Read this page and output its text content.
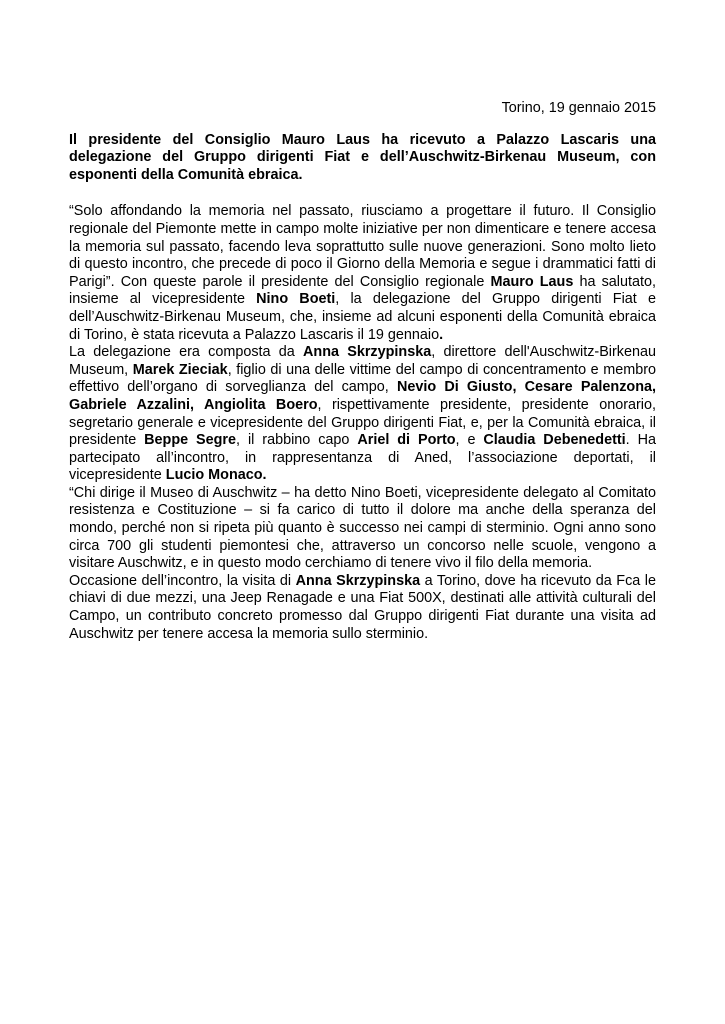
Torino, 19 gennaio 2015

Il presidente del Consiglio Mauro Laus ha ricevuto a Palazzo Lascaris una delegazione del Gruppo dirigenti Fiat e dell’Auschwitz-Birkenau Museum, con esponenti della Comunità ebraica.

“Solo affondando la memoria nel passato, riusciamo a progettare il futuro. Il Consiglio regionale del Piemonte mette in campo molte iniziative per non dimenticare e tenere accesa la memoria sul passato, facendo leva soprattutto sulle nuove generazioni. Sono molto lieto di questo incontro, che precede di poco il Giorno della Memoria e segue i drammatici fatti di Parigi”. Con queste parole il presidente del Consiglio regionale Mauro Laus ha salutato, insieme al vicepresidente Nino Boeti, la delegazione del Gruppo dirigenti Fiat e dell’Auschwitz-Birkenau Museum, che, insieme ad alcuni esponenti della Comunità ebraica di Torino, è stata ricevuta a Palazzo Lascaris il 19 gennaio.

La delegazione era composta da Anna Skrzypinska, direttore dell'Auschwitz-Birkenau Museum, Marek Zieciak, figlio di una delle vittime del campo di concentramento e membro effettivo dell’organo di sorveglianza del campo, Nevio Di Giusto, Cesare Palenzona, Gabriele Azzalini, Angiolita Boero, rispettivamente presidente, presidente onorario, segretario generale e vicepresidente del Gruppo dirigenti Fiat, e, per la Comunità ebraica, il presidente Beppe Segre, il rabbino capo Ariel di Porto, e Claudia Debenedetti. Ha partecipato all’incontro, in rappresentanza di Aned, l’associazione deportati, il vicepresidente Lucio Monaco.

“Chi dirige il Museo di Auschwitz – ha detto Nino Boeti, vicepresidente delegato al Comitato resistenza e Costituzione – si fa carico di tutto il dolore ma anche della speranza del mondo, perché non si ripeta più quanto è successo nei campi di sterminio. Ogni anno sono circa 700 gli studenti piemontesi che, attraverso un concorso nelle scuole, vengono a visitare Auschwitz, e in questo modo cerchiamo di tenere vivo il filo della memoria.

Occasione dell’incontro, la visita di Anna Skrzypinska a Torino, dove ha ricevuto da Fca le chiavi di due mezzi, una Jeep Renagade e una Fiat 500X, destinati alle attività culturali del Campo, un contributo concreto promesso dal Gruppo dirigenti Fiat durante una visita ad Auschwitz per tenere accesa la memoria sullo sterminio.
